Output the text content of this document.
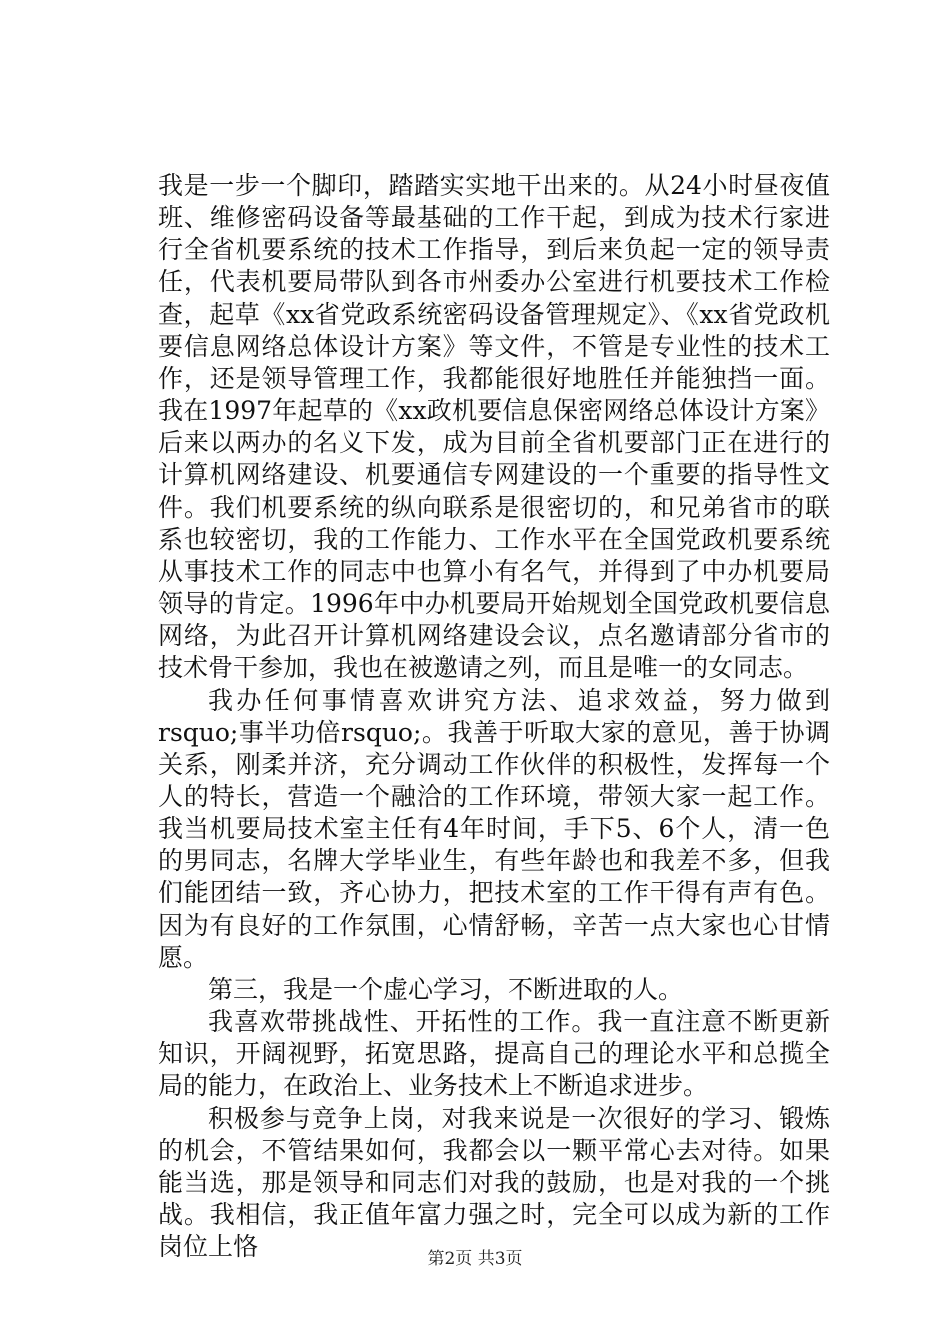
我是一步一个脚印，踏踏实实地干出来的。从24小时昼夜值班、维修密码设备等最基础的工作干起，到成为技术行家进行全省机要系统的技术工作指导，到后来负起一定的领导责任，代表机要局带队到各市州委办公室进行机要技术工作检查，起草《xx省党政系统密码设备管理规定》、《xx省党政机要信息网络总体设计方案》等文件，不管是专业性的技术工作，还是领导管理工作，我都能很好地胜任并能独挡一面。我在1997年起草的《xx政机要信息保密网络总体设计方案》后来以两办的名义下发，成为目前全省机要部门正在进行的计算机网络建设、机要通信专网建设的一个重要的指导性文件。我们机要系统的纵向联系是很密切的，和兄弟省市的联系也较密切，我的工作能力、工作水平在全国党政机要系统从事技术工作的同志中也算小有名气，并得到了中办机要局领导的肯定。1996年中办机要局开始规划全国党政机要信息网络，为此召开计算机网络建设会议，点名邀请部分省市的技术骨干参加，我也在被邀请之列，而且是唯一的女同志。

我办任何事情喜欢讲究方法、追求效益，努力做到rsquo;事半功倍rsquo;。我善于听取大家的意见，善于协调关系，刚柔并济，充分调动工作伙伴的积极性，发挥每一个人的特长，营造一个融洽的工作环境，带领大家一起工作。我当机要局技术室主任有4年时间，手下5、6个人，清一色的男同志，名牌大学毕业生，有些年龄也和我差不多，但我们能团结一致，齐心协力，把技术室的工作干得有声有色。因为有良好的工作氛围，心情舒畅，辛苦一点大家也心甘情愿。

第三，我是一个虚心学习，不断进取的人。

我喜欢带挑战性、开拓性的工作。我一直注意不断更新知识，开阔视野，拓宽思路，提高自己的理论水平和总揽全局的能力，在政治上、业务技术上不断追求进步。

积极参与竞争上岗，对我来说是一次很好的学习、锻炼的机会，不管结果如何，我都会以一颗平常心去对待。如果能当选，那是领导和同志们对我的鼓励，也是对我的一个挑战。我相信，我正值年富力强之时，完全可以成为新的工作岗位上恪	第2页 共3页
